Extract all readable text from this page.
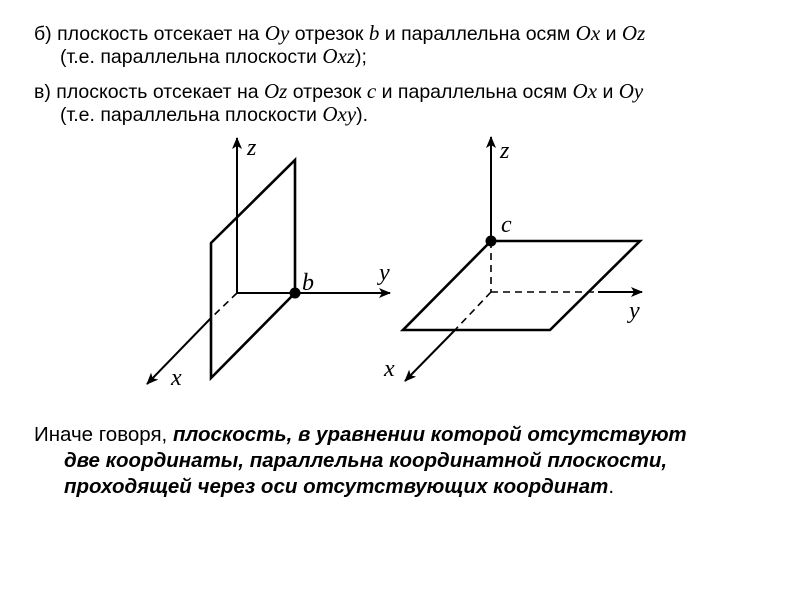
б) плоскость отсекает на Oy отрезок b и параллельна осям Ox и Oz
(т.е. параллельна плоскости Oxz);

в) плоскость отсекает на Oz отрезок c и параллельна осям Ox и Oy
(т.е. параллельна плоскости Oxy).

z
y
x
b
z
y
x
c

Иначе говоря, плоскость, в уравнении которой отсутствуют
две координаты, параллельна координатной плоскости,
проходящей через оси отсутствующих координат.
